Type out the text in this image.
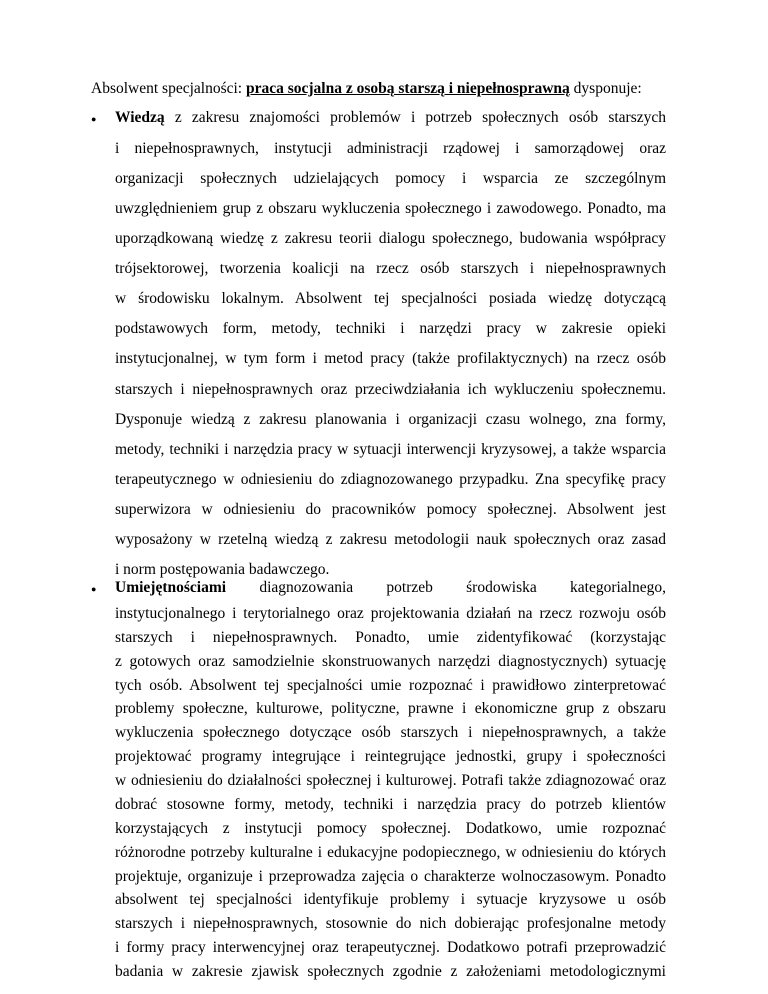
Absolwent specjalności: praca socjalna z osobą starszą i niepełnosprawną dysponuje:
● Wiedzą z zakresu znajomości problemów i potrzeb społecznych osób starszych
i niepełnosprawnych, instytucji administracji rządowej i samorządowej oraz
organizacji społecznych udzielających pomocy i wsparcia ze szczególnym
uwzględnieniem grup z obszaru wykluczenia społecznego i zawodowego. Ponadto, ma
uporządkowaną wiedzę z zakresu teorii dialogu społecznego, budowania współpracy
trójsektorowej, tworzenia koalicji na rzecz osób starszych i niepełnosprawnych
w środowisku lokalnym. Absolwent tej specjalności posiada wiedzę dotyczącą
podstawowych form, metody, techniki i narzędzi pracy w zakresie opieki
instytucjonalnej, w tym form i metod pracy (także profilaktycznych) na rzecz osób
starszych i niepełnosprawnych oraz przeciwdziałania ich wykluczeniu społecznemu.
Dysponuje wiedzą z zakresu planowania i organizacji czasu wolnego, zna formy,
metody, techniki i narzędzia pracy w sytuacji interwencji kryzysowej, a także wsparcia
terapeutycznego w odniesieniu do zdiagnozowanego przypadku. Zna specyfikę pracy
superwizora w odniesieniu do pracowników pomocy społecznej. Absolwent jest
wyposażony w rzetelną wiedzą z zakresu metodologii nauk społecznych oraz zasad
i norm postępowania badawczego.
● Umiejętnościami diagnozowania potrzeb środowiska kategorialnego,
instytucjonalnego i terytorialnego oraz projektowania działań na rzecz rozwoju osób
starszych i niepełnosprawnych. Ponadto, umie zidentyfikować (korzystając
z gotowych oraz samodzielnie skonstruowanych narzędzi diagnostycznych) sytuację
tych osób. Absolwent tej specjalności umie rozpoznać i prawidłowo zinterpretować
problemy społeczne, kulturowe, polityczne, prawne i ekonomiczne grup z obszaru
wykluczenia społecznego dotyczące osób starszych i niepełnosprawnych, a także
projektować programy integrujące i reintegrujące jednostki, grupy i społeczności
w odniesieniu do działalności społecznej i kulturowej. Potrafi także zdiagnozować oraz
dobrać stosowne formy, metody, techniki i narzędzia pracy do potrzeb klientów
korzystających z instytucji pomocy społecznej. Dodatkowo, umie rozpoznać
różnorodne potrzeby kulturalne i edukacyjne podopiecznego, w odniesieniu do których
projektuje, organizuje i przeprowadza zajęcia o charakterze wolnoczasowym. Ponadto
absolwent tej specjalności identyfikuje problemy i sytuacje kryzysowe u osób
starszych i niepełnosprawnych, stosownie do nich dobierając profesjonalne metody
i formy pracy interwencyjnej oraz terapeutycznej. Dodatkowo potrafi przeprowadzić
badania w zakresie zjawisk społecznych zgodnie z założeniami metodologicznymi
